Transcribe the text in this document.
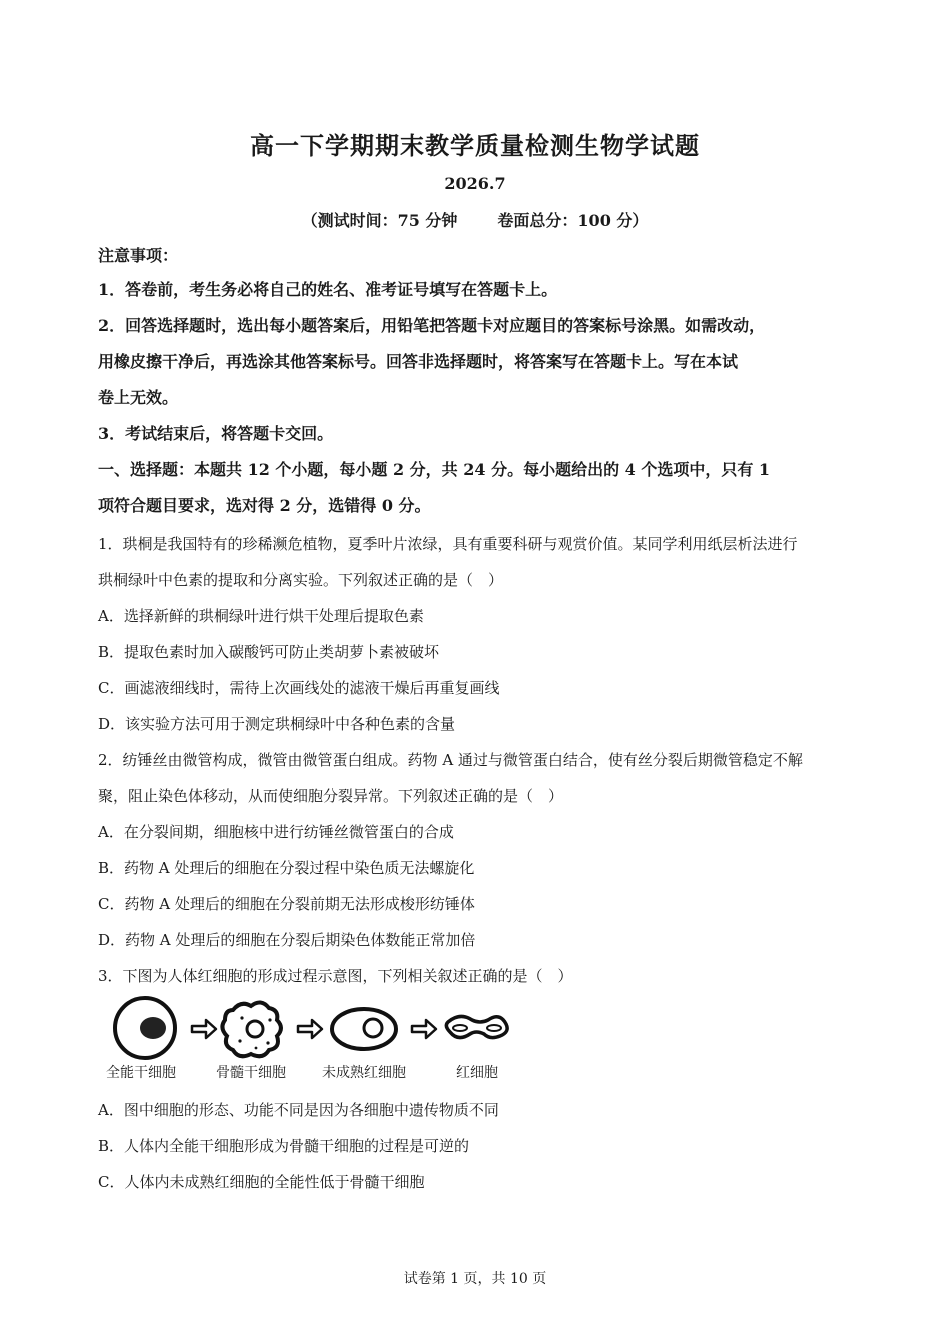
高一下学期期末教学质量检测生物学试题
2026.7
（测试时间：75 分钟	卷面总分：100 分）
注意事项：
1．答卷前，考生务必将自己的姓名、准考证号填写在答题卡上。
2．回答选择题时，选出每小题答案后，用铅笔把答题卡对应题目的答案标号涂黑。如需改动，
用橡皮擦干净后，再选涂其他答案标号。回答非选择题时，将答案写在答题卡上。写在本试
卷上无效。
3．考试结束后，将答题卡交回。
一、选择题：本题共 12 个小题，每小题 2 分，共 24 分。每小题给出的 4 个选项中，只有 1
项符合题目要求，选对得 2 分，选错得 0 分。
1．珙桐是我国特有的珍稀濒危植物，夏季叶片浓绿，具有重要科研与观赏价值。某同学利用纸层析法进行
珙桐绿叶中色素的提取和分离实验。下列叙述正确的是（　）
A．选择新鲜的珙桐绿叶进行烘干处理后提取色素
B．提取色素时加入碳酸钙可防止类胡萝卜素被破坏
C．画滤液细线时，需待上次画线处的滤液干燥后再重复画线
D．该实验方法可用于测定珙桐绿叶中各种色素的含量
2．纺锤丝由微管构成，微管由微管蛋白组成。药物 A 通过与微管蛋白结合，使有丝分裂后期微管稳定不解
聚，阻止染色体移动，从而使细胞分裂异常。下列叙述正确的是（　）
A．在分裂间期，细胞核中进行纺锤丝微管蛋白的合成
B．药物 A 处理后的细胞在分裂过程中染色质无法螺旋化
C．药物 A 处理后的细胞在分裂前期无法形成梭形纺锤体
D．药物 A 处理后的细胞在分裂后期染色体数能正常加倍
3．下图为人体红细胞的形成过程示意图，下列相关叙述正确的是（　）
全能干细胞	骨髓干细胞	未成熟红细胞	红细胞
A．图中细胞的形态、功能不同是因为各细胞中遗传物质不同
B．人体内全能干细胞形成为骨髓干细胞的过程是可逆的
C．人体内未成熟红细胞的全能性低于骨髓干细胞
试卷第 1 页，共 10 页
